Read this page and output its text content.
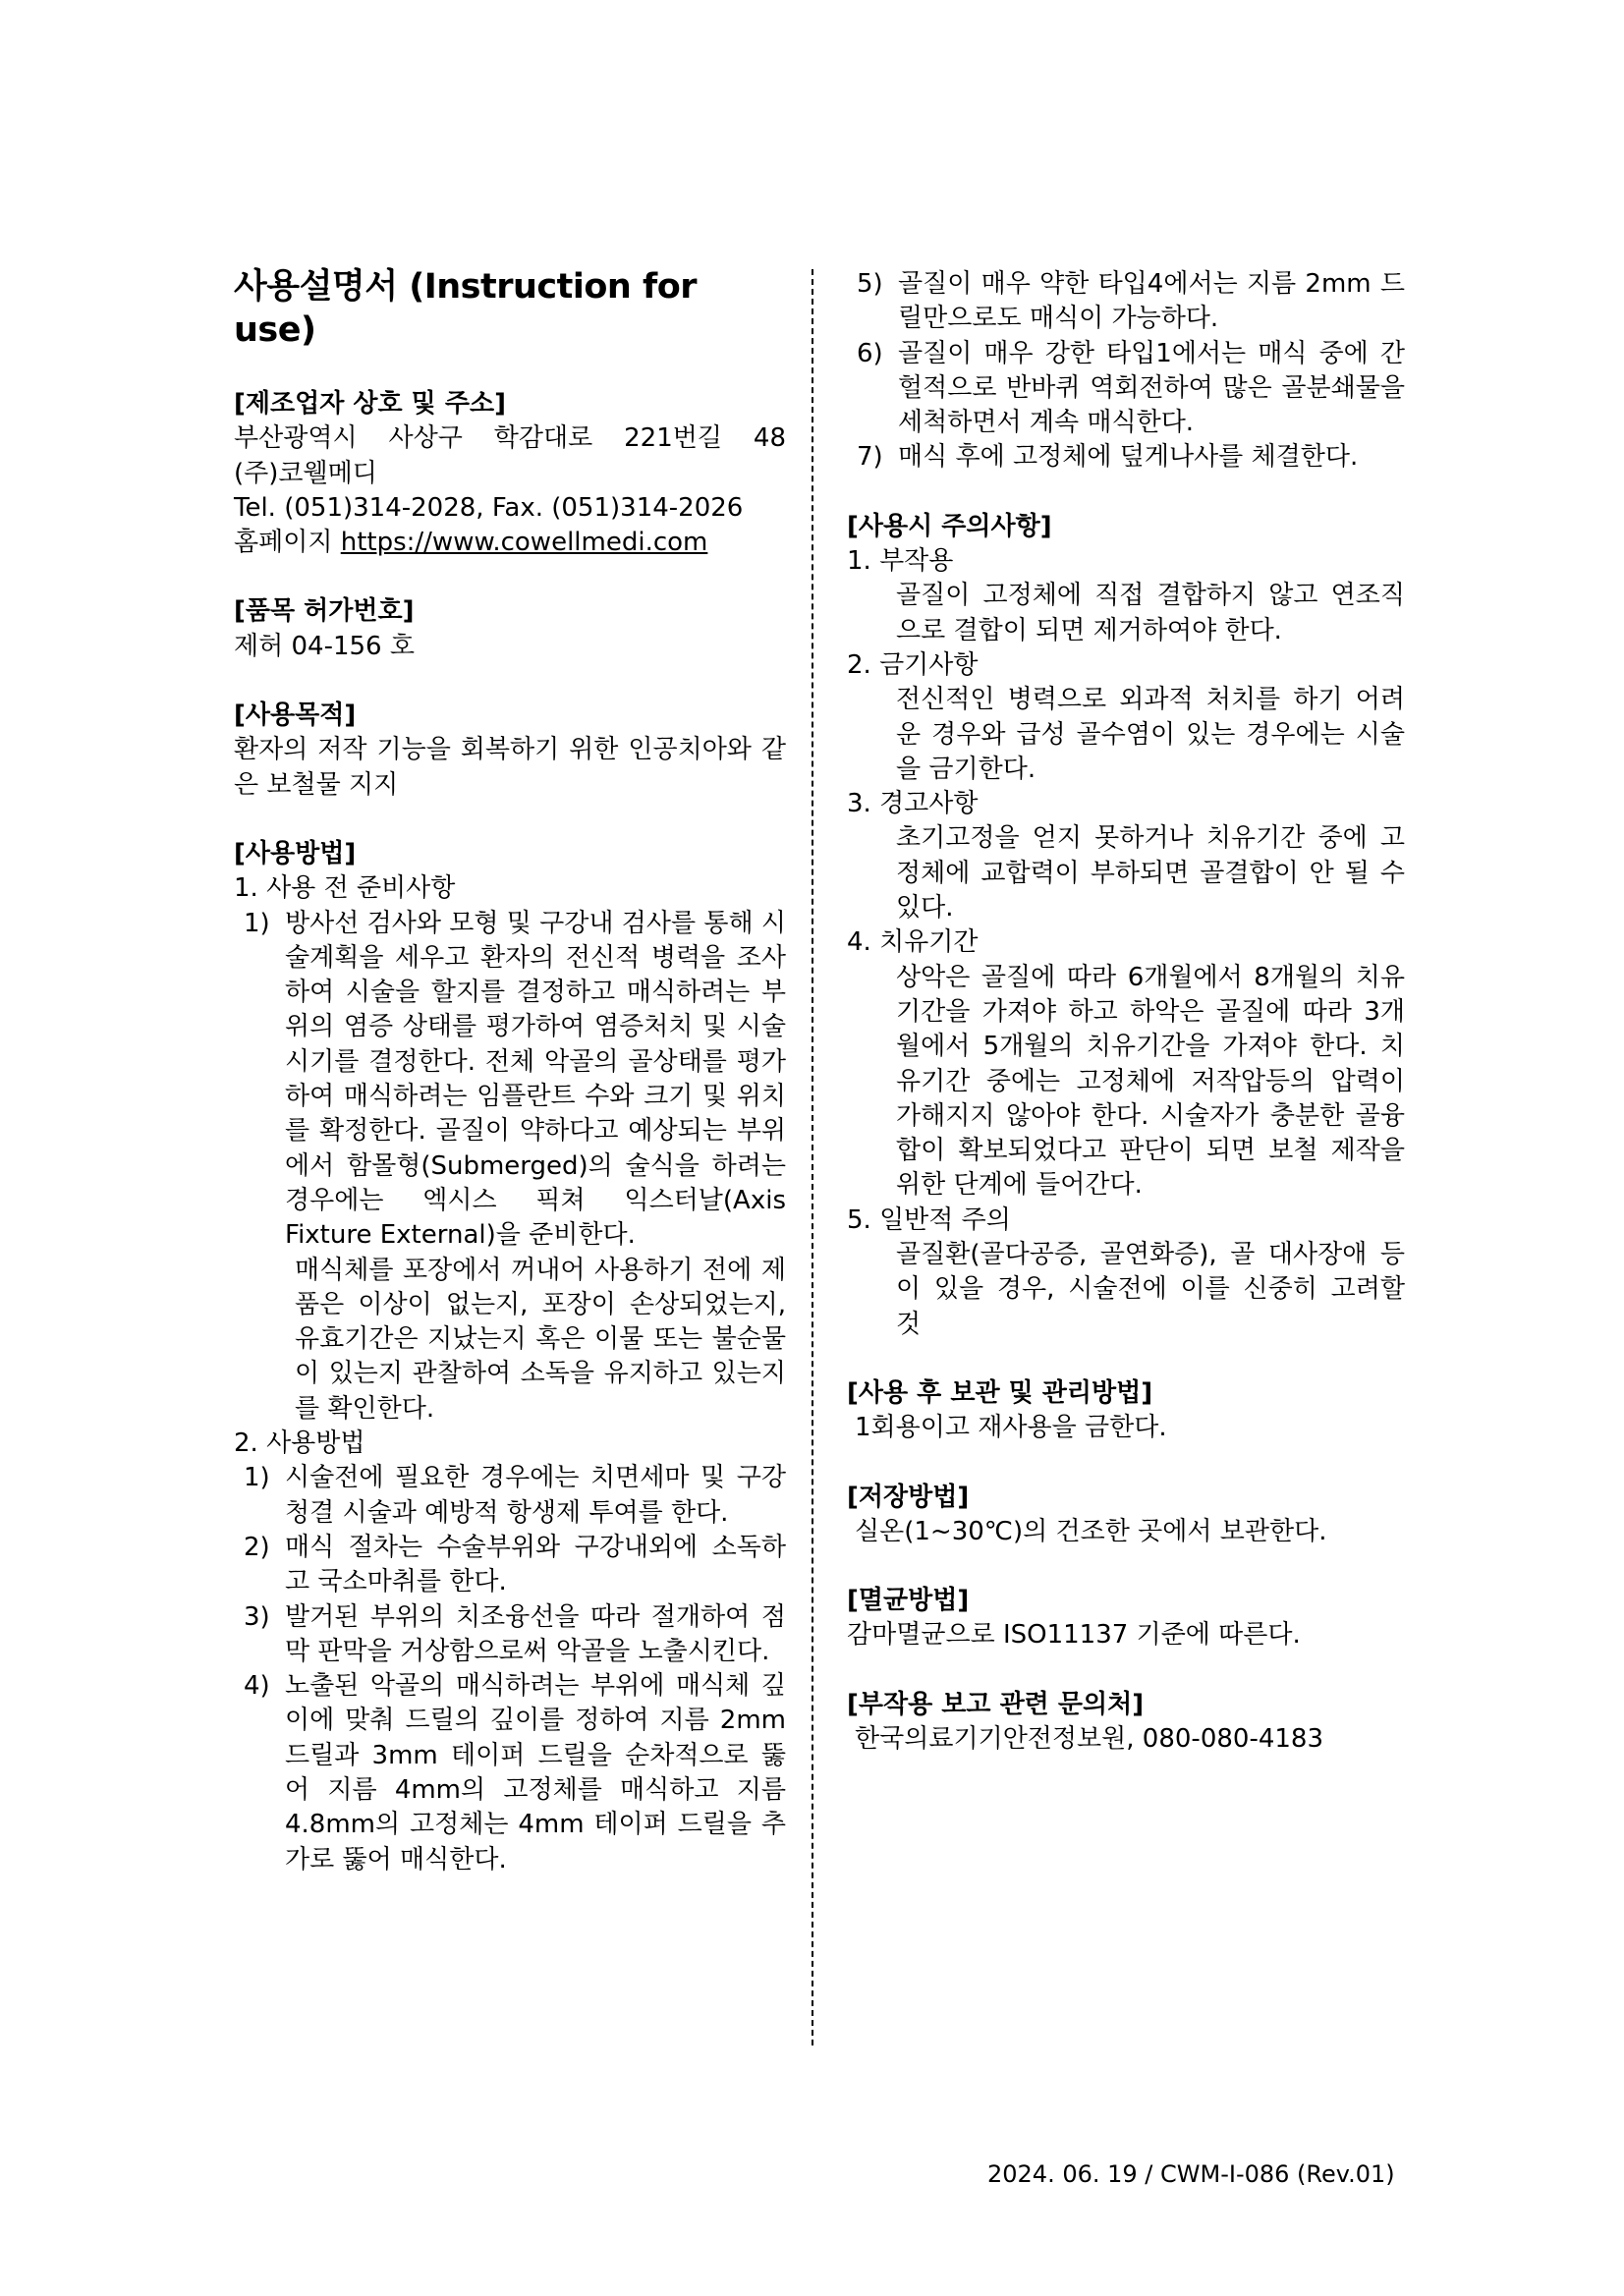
사용설명서 (Instruction for use)

[제조업자 상호 및 주소]

부산광역시 사상구 학감대로 221번길 48

(주)코웰메디

Tel. (051)314-2028, Fax. (051)314-2026

홈페이지 https://www.cowellmedi.com

[품목 허가번호]

제허 04-156 호

[사용목적]

환자의 저작 기능을 회복하기 위한 인공치아와 같은 보철물 지지

[사용방법]

1. 사용 전 준비사항

1) 방사선 검사와 모형 및 구강내 검사를 통해 시술계획을 세우고 환자의 전신적 병력을 조사하여 시술을 할지를 결정하고 매식하려는 부위의 염증 상태를 평가하여 염증처치 및 시술시기를 결정한다. 전체 악골의 골상태를 평가하여 매식하려는 임플란트 수와 크기 및 위치를 확정한다. 골질이 약하다고 예상되는 부위에서 함몰형(Submerged)의 술식을 하려는 경우에는 엑시스 픽쳐 익스터날(Axis Fixture External)을 준비한다.

매식체를 포장에서 꺼내어 사용하기 전에 제품은 이상이 없는지, 포장이 손상되었는지, 유효기간은 지났는지 혹은 이물 또는 불순물이 있는지 관찰하여 소독을 유지하고 있는지를 확인한다.

2. 사용방법

1) 시술전에 필요한 경우에는 치면세마 및 구강청결 시술과 예방적 항생제 투여를 한다.
2) 매식 절차는 수술부위와 구강내외에 소독하고 국소마취를 한다.
3) 발거된 부위의 치조융선을 따라 절개하여 점막 판막을 거상함으로써 악골을 노출시킨다.
4) 노출된 악골의 매식하려는 부위에 매식체 깊이에 맞춰 드릴의 깊이를 정하여 지름 2mm 드릴과 3mm 테이퍼 드릴을 순차적으로 뚫어 지름 4mm의 고정체를 매식하고 지름 4.8mm의 고정체는 4mm 테이퍼 드릴을 추가로 뚫어 매식한다.
5) 골질이 매우 약한 타입4에서는 지름 2mm 드릴만으로도 매식이 가능하다.
6) 골질이 매우 강한 타입1에서는 매식 중에 간헐적으로 반바퀴 역회전하여 많은 골분쇄물을 세척하면서 계속 매식한다.
7) 매식 후에 고정체에 덮게나사를 체결한다.

[사용시 주의사항]

1. 부작용

골질이 고정체에 직접 결합하지 않고 연조직으로 결합이 되면 제거하여야 한다.

2. 금기사항

전신적인 병력으로 외과적 처치를 하기 어려운 경우와 급성 골수염이 있는 경우에는 시술을 금기한다.

3. 경고사항

초기고정을 얻지 못하거나 치유기간 중에 고정체에 교합력이 부하되면 골결합이 안 될 수 있다.

4. 치유기간

상악은 골질에 따라 6개월에서 8개월의 치유기간을 가져야 하고 하악은 골질에 따라 3개월에서 5개월의 치유기간을 가져야 한다. 치유기간 중에는 고정체에 저작압등의 압력이 가해지지 않아야 한다. 시술자가 충분한 골융합이 확보되었다고 판단이 되면 보철 제작을 위한 단계에 들어간다.

5. 일반적 주의

골질환(골다공증, 골연화증), 골 대사장애 등이 있을 경우, 시술전에 이를 신중히 고려할 것

[사용 후 보관 및 관리방법]

1회용이고 재사용을 금한다.

[저장방법]

실온(1~30℃)의 건조한 곳에서 보관한다.

[멸균방법]

감마멸균으로 ISO11137 기준에 따른다.

[부작용 보고 관련 문의처]

한국의료기기안전정보원, 080-080-4183

2024. 06. 19 / CWM-I-086 (Rev.01)
